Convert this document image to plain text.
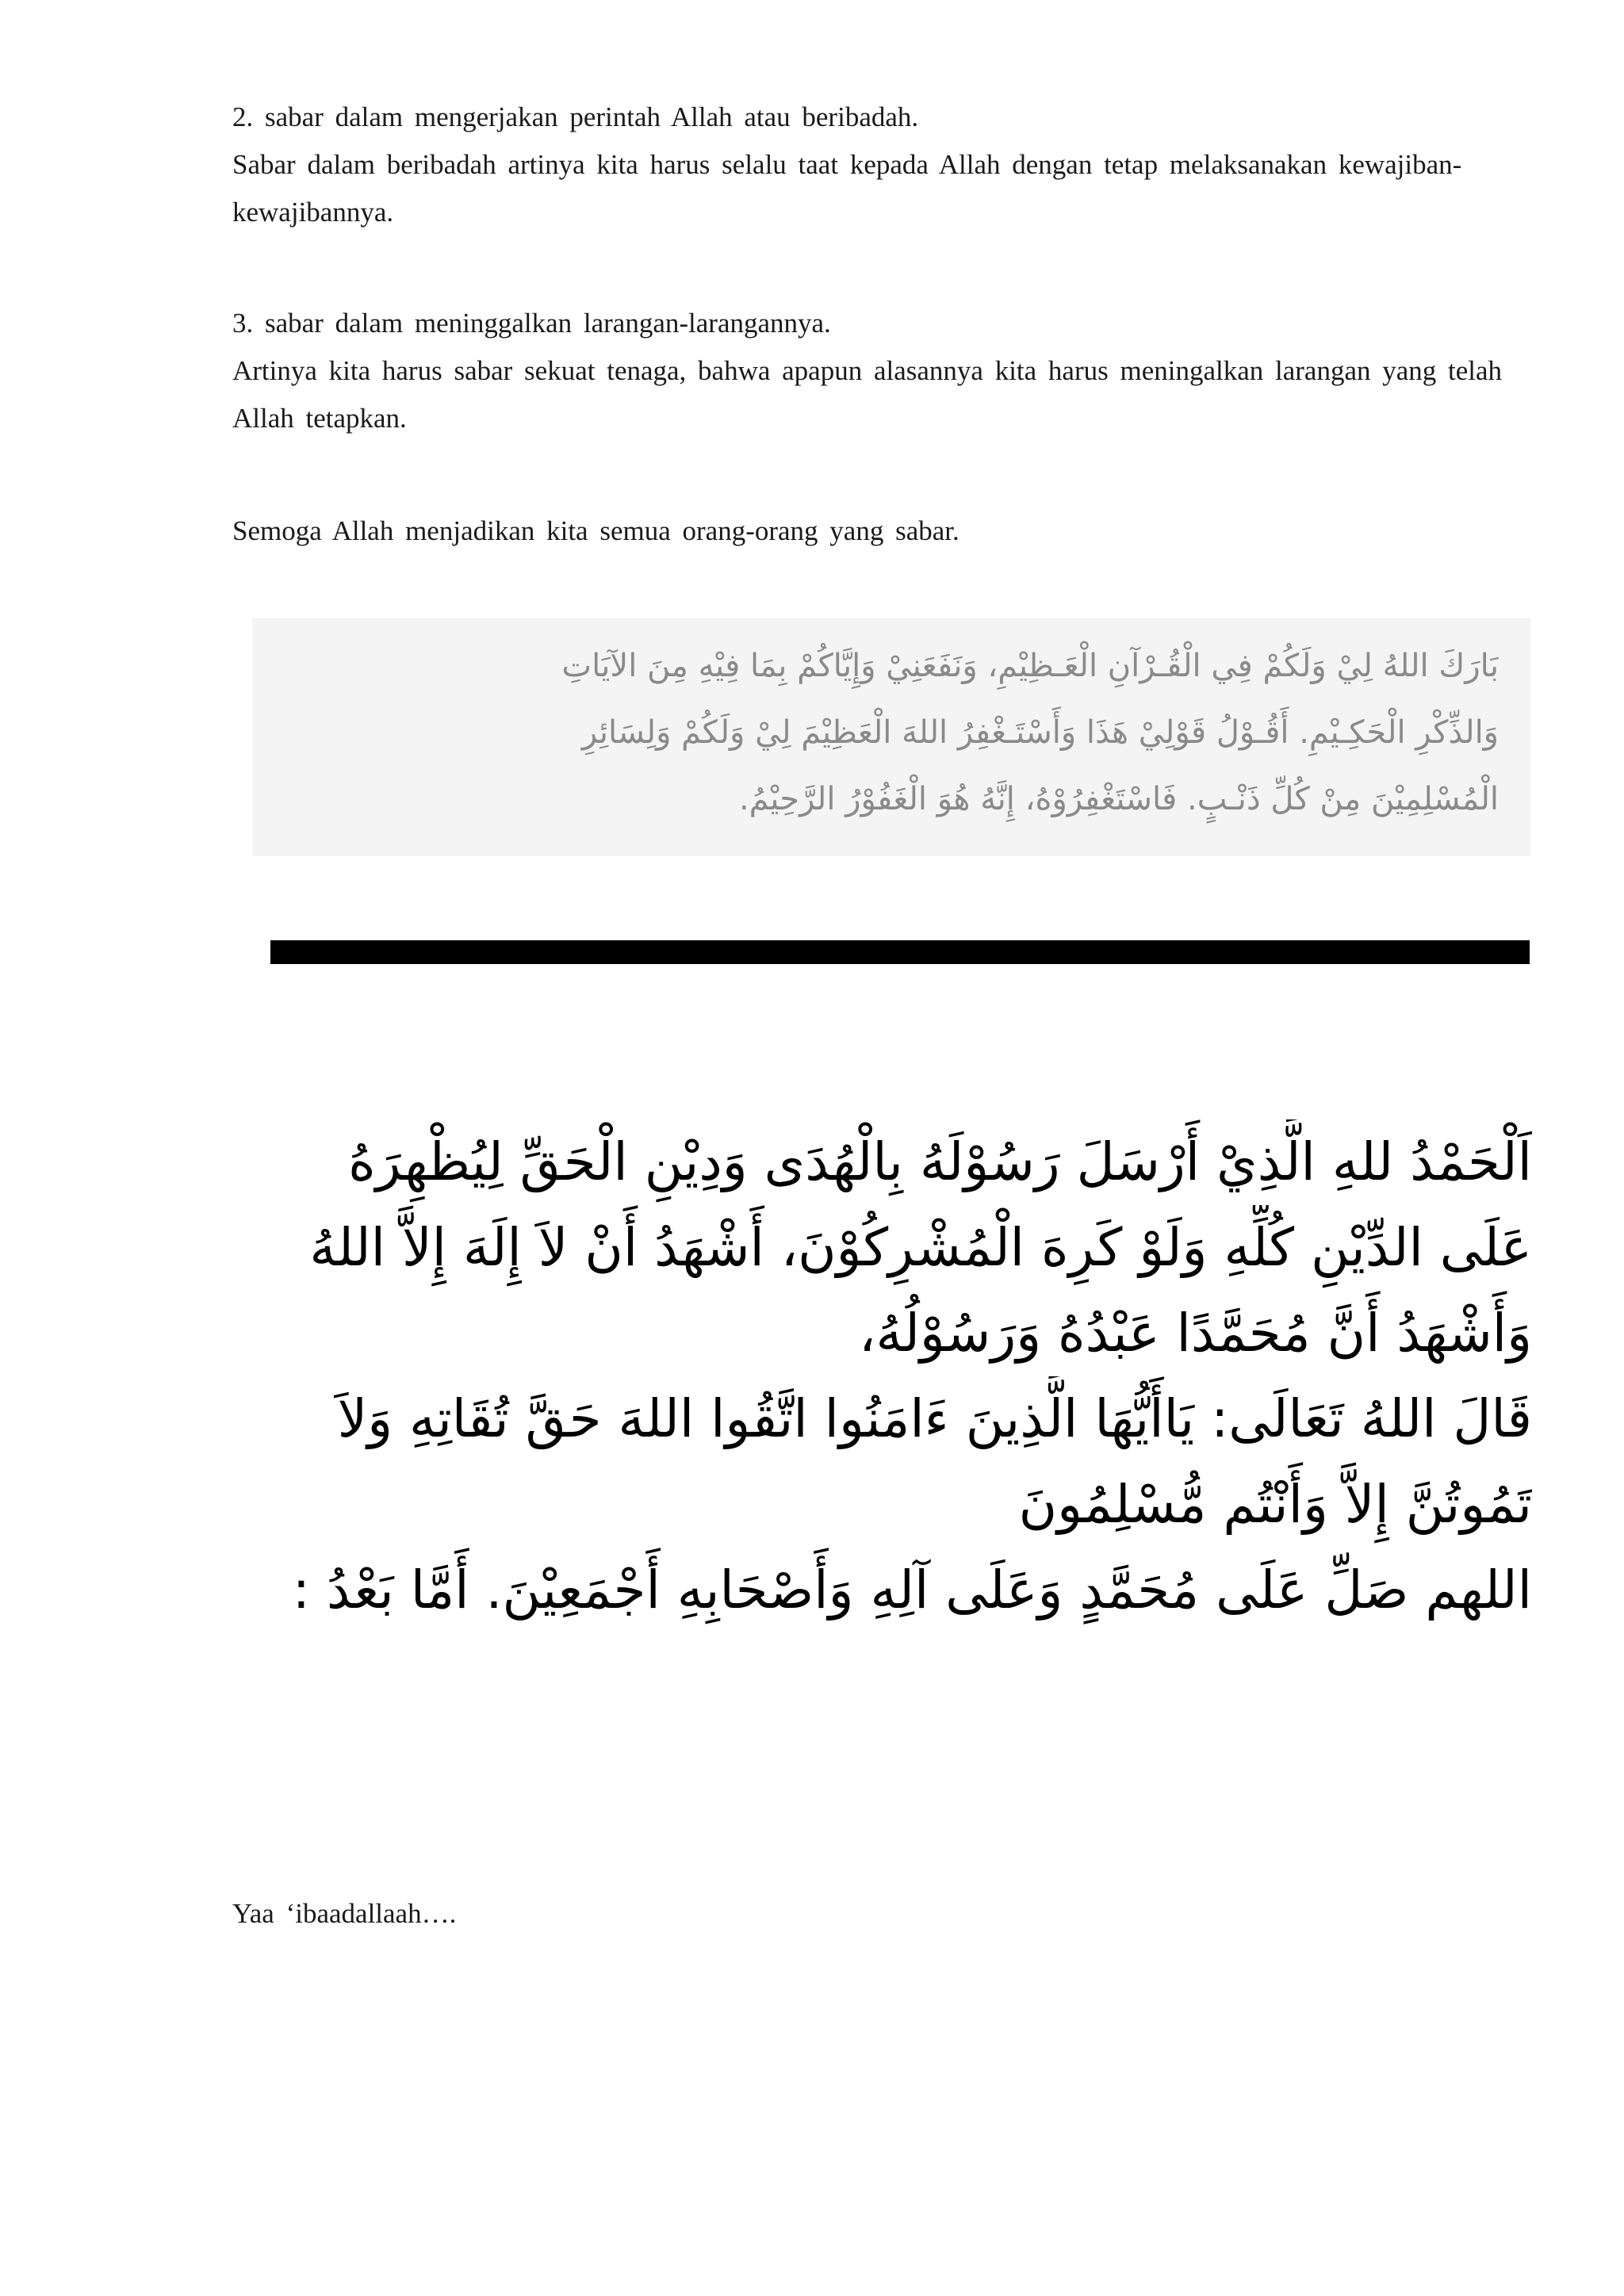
2. sabar dalam mengerjakan perintah Allah atau beribadah.

Sabar dalam beribadah artinya kita harus selalu taat kepada Allah dengan tetap melaksanakan kewajiban-kewajibannya.

3. sabar dalam meninggalkan larangan-larangannya.

Artinya kita harus sabar sekuat tenaga, bahwa apapun alasannya kita harus meningalkan larangan yang telah Allah tetapkan.

Semoga Allah menjadikan kita semua orang-orang yang sabar.

بَارَكَ اللهُ لِيْ وَلَكُمْ فِي الْقُـرْآنِ الْعَـظِيْمِ، وَنَفَعَنِيْ وَإِيَّاكُمْ بِمَا فِيْهِ مِنَ الآيَاتِ
وَالذِّكْرِ الْحَكِـيْمِ. أَقُـوْلُ قَوْلِيْ هَذَا وَأَسْتَـغْفِرُ اللهَ الْعَظِيْمَ لِيْ وَلَكُمْ وَلِسَائِرِ
الْمُسْلِمِيْنَ مِنْ كُلِّ ذَنْـبٍ. فَاسْتَغْفِرُوْهُ، إِنَّهُ هُوَ الْغَفُوْرُ الرَّحِيْمُ.
اَلْحَمْدُ للهِ الَّذِيْ أَرْسَلَ رَسُوْلَهُ بِالْهُدَى وَدِيْنِ الْحَقِّ لِيُظْهِرَهُ
عَلَى الدِّيْنِ كُلِّهِ وَلَوْ كَرِهَ الْمُشْرِكُوْنَ، أَشْهَدُ أَنْ لاَ إِلَهَ إِلاَّ اللهُ
وَأَشْهَدُ أَنَّ مُحَمَّدًا عَبْدُهُ وَرَسُوْلُهُ،
قَالَ اللهُ تَعَالَى: يَاأَيُّهَا الَّذِينَ ءَامَنُوا اتَّقُوا اللهَ حَقَّ تُقَاتِهِ وَلاَ
تَمُوتُنَّ إِلاَّ وَأَنْتُم مُّسْلِمُونَ
اللهم صَلِّ عَلَى مُحَمَّدٍ وَعَلَى آلِهِ وَأَصْحَابِهِ أَجْمَعِيْنَ. أَمَّا بَعْدُ :

Yaa ‘ibaadallaah….
